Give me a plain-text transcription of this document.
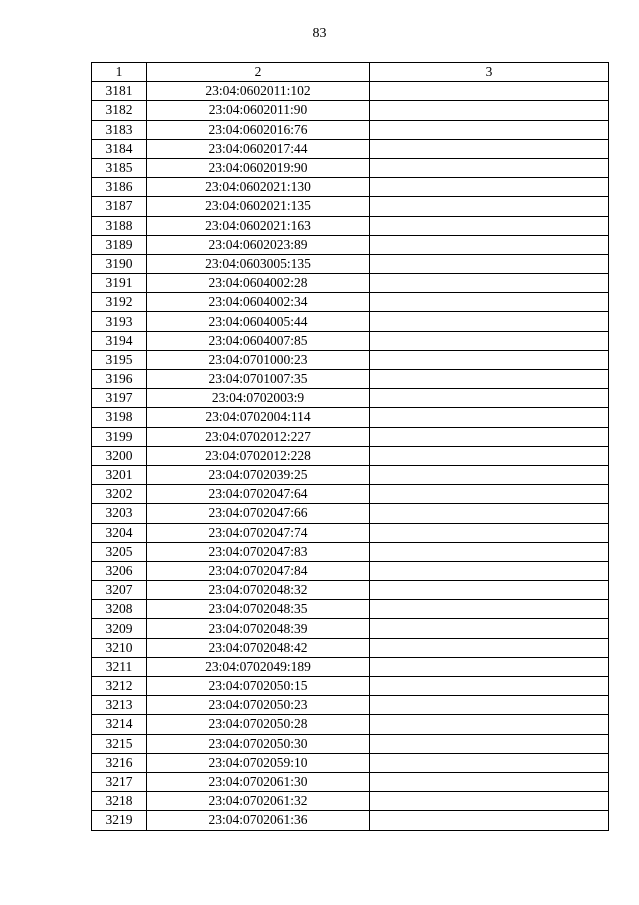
83
1	2	3
3181	23:04:0602011:102	
3182	23:04:0602011:90	
3183	23:04:0602016:76	
3184	23:04:0602017:44	
3185	23:04:0602019:90	
3186	23:04:0602021:130	
3187	23:04:0602021:135	
3188	23:04:0602021:163	
3189	23:04:0602023:89	
3190	23:04:0603005:135	
3191	23:04:0604002:28	
3192	23:04:0604002:34	
3193	23:04:0604005:44	
3194	23:04:0604007:85	
3195	23:04:0701000:23	
3196	23:04:0701007:35	
3197	23:04:0702003:9	
3198	23:04:0702004:114	
3199	23:04:0702012:227	
3200	23:04:0702012:228	
3201	23:04:0702039:25	
3202	23:04:0702047:64	
3203	23:04:0702047:66	
3204	23:04:0702047:74	
3205	23:04:0702047:83	
3206	23:04:0702047:84	
3207	23:04:0702048:32	
3208	23:04:0702048:35	
3209	23:04:0702048:39	
3210	23:04:0702048:42	
3211	23:04:0702049:189	
3212	23:04:0702050:15	
3213	23:04:0702050:23	
3214	23:04:0702050:28	
3215	23:04:0702050:30	
3216	23:04:0702059:10	
3217	23:04:0702061:30	
3218	23:04:0702061:32	
3219	23:04:0702061:36	
